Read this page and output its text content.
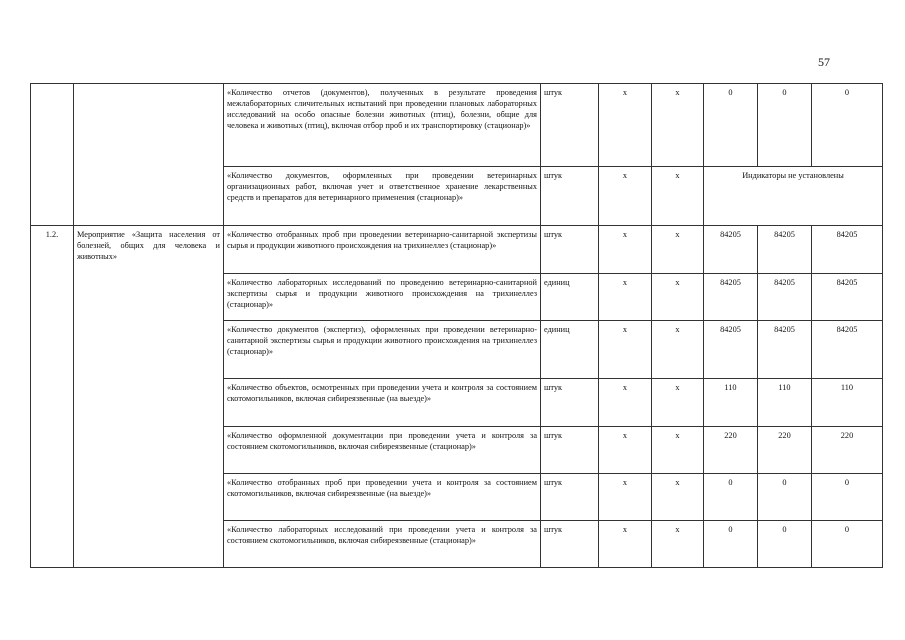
57
		«Количество отчетов (документов), полученных в результате проведения межлабораторных сличительных испытаний при проведении плановых лабораторных исследований на особо опасные болезни животных (птиц), болезни, общие для человека и животных (птиц), включая отбор проб и их транспортировку (стационар)»	штук	x	x	0	0	0
		«Количество документов, оформленных при проведении ветеринарных организационных работ, включая учет и ответственное хранение лекарственных средств и препаратов для ветеринарного применения (стационар)»	штук	x	x	Индикаторы не установлены		
1.2.	Мероприятие «Защита населения от болезней, общих для человека и животных»	«Количество отобранных проб при проведении ветеринарно-санитарной экспертизы сырья и продукции животного происхождения на трихинеллез (стационар)»	штук	x	x	84205	84205	84205
		«Количество лабораторных исследований по проведению ветеринарно-санитарной экспертизы сырья и продукции животного происхождения на трихинеллез (стационар)»	единиц	x	x	84205	84205	84205
		«Количество документов (экспертиз), оформленных при проведении ветеринарно-санитарной экспертизы сырья и продукции животного происхождения на трихинеллез (стационар)»	единиц	x	x	84205	84205	84205
		«Количество объектов, осмотренных при проведении учета и контроля за состоянием скотомогильников, включая сибиреязвенные (на выезде)»	штук	x	x	110	110	110
		«Количество оформленной документации при проведении учета и контроля за состоянием скотомогильников, включая сибиреязвенные (стационар)»	штук	x	x	220	220	220
		«Количество отобранных проб при проведении учета и контроля за состоянием скотомогильников, включая сибиреязвенные (на выезде)»	штук	x	x	0	0	0
		«Количество лабораторных исследований при проведении учета и контроля за состоянием скотомогильников, включая сибиреязвенные (стационар)»	штук	x	x	0	0	0
